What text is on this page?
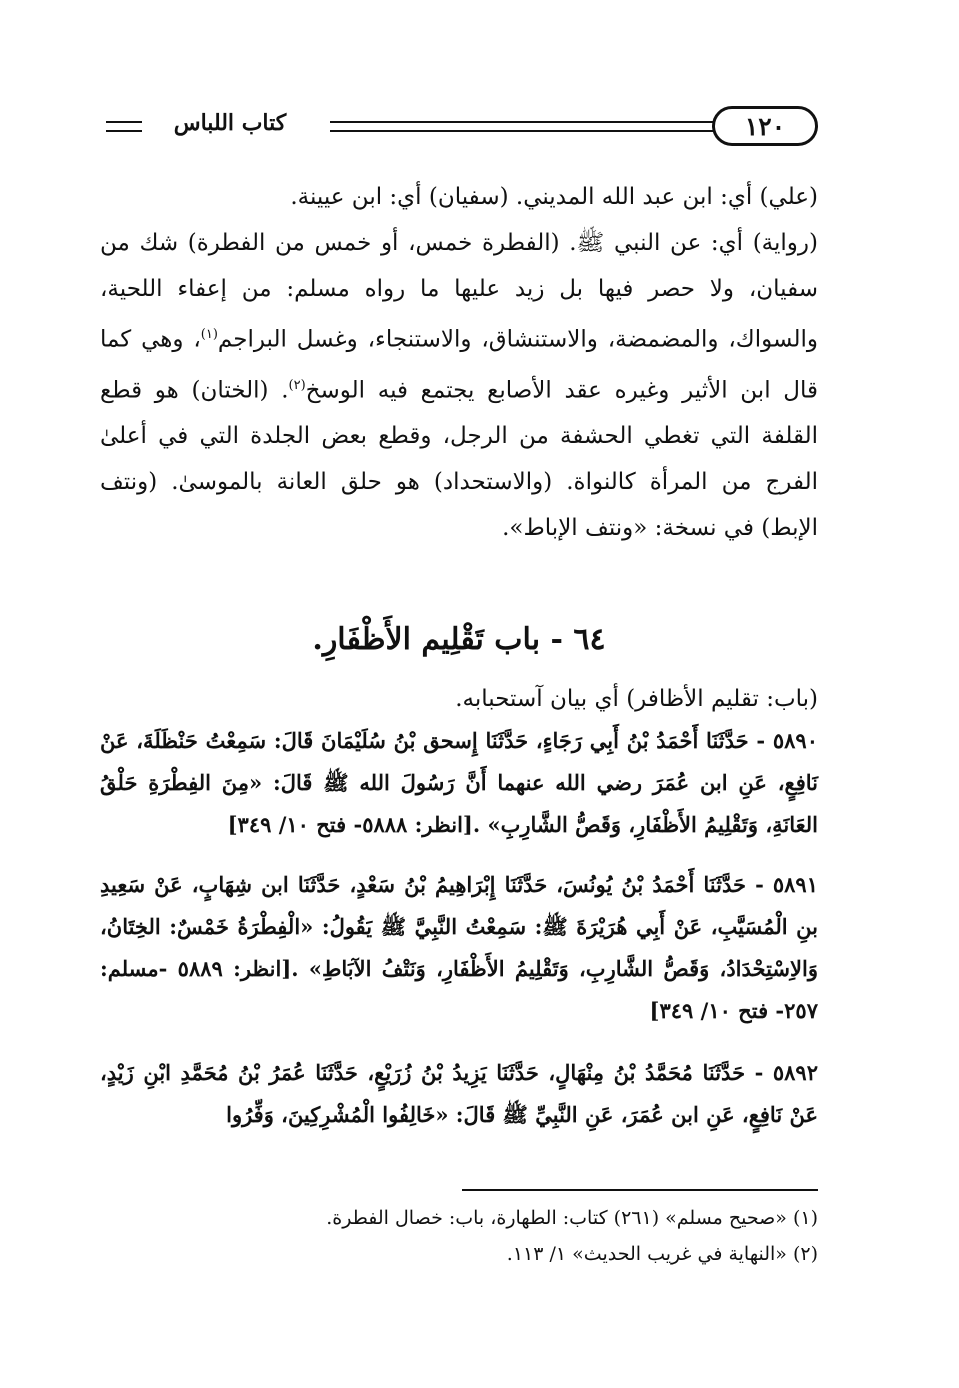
١٢٠
كتاب اللباس

(علي) أي: ابن عبد الله المديني. (سفيان) أي: ابن عيينة.

(رواية) أي: عن النبي ﷺ. (الفطرة خمس، أو خمس من الفطرة) شك من سفيان، ولا حصر فيها بل زيد عليها ما رواه مسلم: من إعفاء اللحية، والسواك، والمضمضة، والاستنشاق، والاستنجاء، وغسل البراجم$^{(١)}$، وهي كما قال ابن الأثير وغيره عقد الأصابع يجتمع فيه الوسخ$^{(٢)}$. (الختان) هو قطع القلفة التي تغطي الحشفة من الرجل، وقطع بعض الجلدة التي في أعلىٰ الفرج من المرأة كالنواة. (والاستحداد) هو حلق العانة بالموسىٰ. (ونتف الإبط) في نسخة: «ونتف الإباط».

٦٤ - باب تَقْلِيم الأَظْفَارِ.
(باب: تقليم الأظافر) أي بيان آستحبابه.

٥٨٩٠ - حَدَّثَنَا أَحْمَدُ بْنُ أَبِي رَجَاءٍ، حَدَّثَنَا إِسحق بْنُ سُلَيْمَانَ قَالَ: سَمِعْتُ حَنْظَلَةَ، عَنْ نَافِعٍ، عَنِ ابن عُمَرَ رضي الله عنهما أَنَّ رَسُولَ الله ﷺ قَالَ: «مِنَ الفِطْرَةِ حَلْقُ العَانَةِ، وَتَقْلِيمُ الأَظْفَارِ، وَقَصُّ الشَّارِبِ» .[انظر: ٥٨٨٨- فتح ١٠/ ٣٤٩]

٥٨٩١ - حَدَّثَنَا أَحْمَدُ بْنُ يُونُسَ، حَدَّثَنَا إِبْرَاهِيمُ بْنُ سَعْدٍ، حَدَّثَنَا ابن شِهَابٍ، عَنْ سَعِيدِ بنِ الْمُسَيَّبِ، عَنْ أَبِي هُرَيْرَةَ ﷺ: سَمِعْتُ النَّبِيَّ ﷺ يَقُولُ: «الْفِطْرَةُ خَمْسٌ: الخِتَانُ، وَالاِسْتِحْدَادُ، وَقَصُّ الشَّارِبِ، وَتَقْلِيمُ الأَظْفَارِ، وَنَتْفُ الآبَاطِ» .[انظر: ٥٨٨٩ -مسلم: ٢٥٧- فتح ١٠/ ٣٤٩]

٥٨٩٢ - حَدَّثَنَا مُحَمَّدُ بْنُ مِنْهَالٍ، حَدَّثَنَا يَزِيدُ بْنُ زُرَيْعٍ، حَدَّثَنَا عُمَرُ بْنُ مُحَمَّدِ ابْنِ زَيْدٍ، عَنْ نَافِعٍ، عَنِ ابن عُمَرَ، عَنِ النَّبِيِّ ﷺ قَالَ: «خَالِفُوا الْمُشْرِكِينَ، وَفِّرُوا

(١) «صحيح مسلم» (٢٦١) كتاب: الطهارة، باب: خصال الفطرة.

(٢) «النهاية في غريب الحديث» ١/ ١١٣.
